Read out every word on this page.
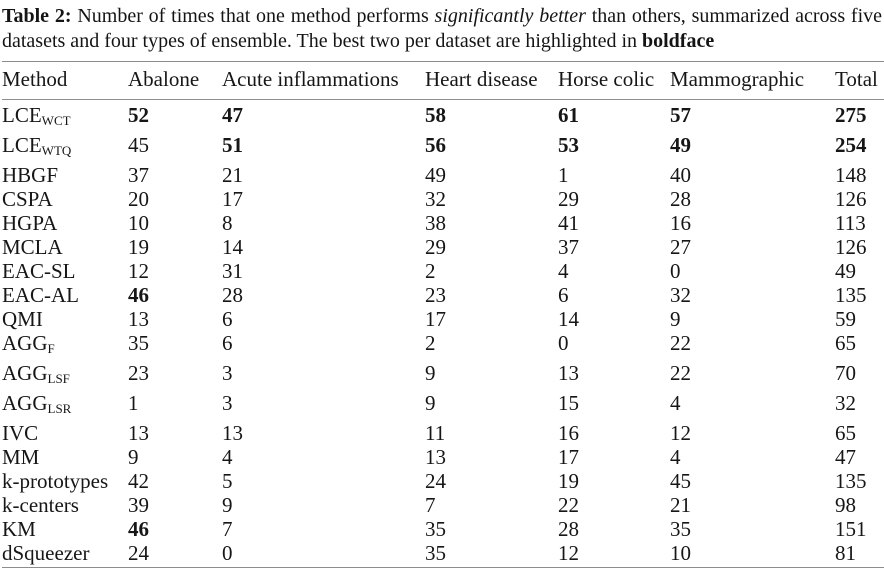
Table 2: Number of times that one method performs significantly better than others, summarized across five datasets and four types of ensemble. The best two per dataset are highlighted in boldface

Method	Abalone	Acute inflammations	Heart disease	Horse colic	Mammographic	Total
$LCE_{WCT}$	52	47	58	61	57	275
$LCE_{WTQ}$	45	51	56	53	49	254
HBGF	37	21	49	1	40	148
CSPA	20	17	32	29	28	126
HGPA	10	8	38	41	16	113
MCLA	19	14	29	37	27	126
EAC-SL	12	31	2	4	0	49
EAC-AL	46	28	23	6	32	135
QMI	13	6	17	14	9	59
$AGG_F$	35	6	2	0	22	65
$AGG_{LSF}$	23	3	9	13	22	70
$AGG_{LSR}$	1	3	9	15	4	32
IVC	13	13	11	16	12	65
MM	9	4	13	17	4	47
k-prototypes	42	5	24	19	45	135
k-centers	39	9	7	22	21	98
KM	46	7	35	28	35	151
dSqueezer	24	0	35	12	10	81
